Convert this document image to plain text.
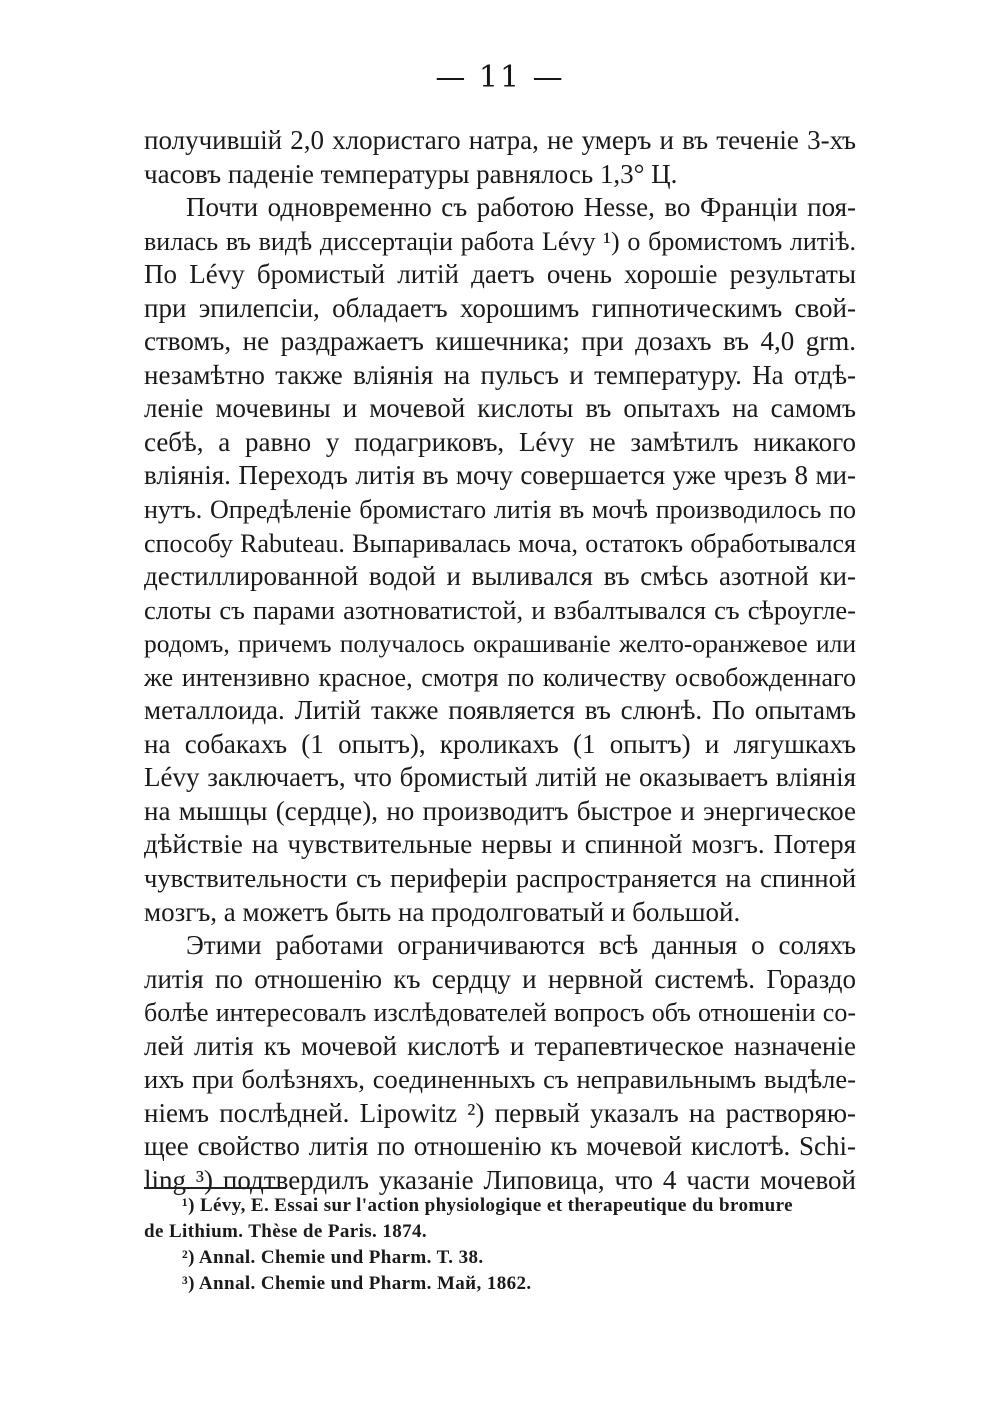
— 11 —
получившій 2,0 хлористаго натра, не умеръ и въ теченіе 3-хъ
часовъ паденіе температуры равнялось 1,3° Ц.
Почти одновременно съ работою Hesse, во Франціи поя-
вилась въ видѣ диссертаціи работа Lévy ¹) о бромистомъ литіѣ.
По Lévy бромистый литій даетъ очень хорошіе результаты
при эпилепсіи, обладаетъ хорошимъ гипнотическимъ свой-
ствомъ, не раздражаетъ кишечника; при дозахъ въ 4,0 grm.
незамѣтно также вліянія на пульсъ и температуру. На отдѣ-
леніе мочевины и мочевой кислоты въ опытахъ на самомъ
себѣ, а равно у подагриковъ, Lévy не замѣтилъ никакого
вліянія. Переходъ литія въ мочу совершается уже чрезъ 8 ми-
нутъ. Опредѣленіе бромистаго литія въ мочѣ производилось по
способу Rabuteau. Выпаривалась моча, остатокъ обработывался
дестиллированной водой и выливался въ смѣсь азотной ки-
слоты съ парами азотноватистой, и взбалтывался съ сѣроугле-
родомъ, причемъ получалось окрашиваніе желто-оранжевое или
же интензивно красное, смотря по количеству освобожденнаго
металлоида. Литій также появляется въ слюнѣ. По опытамъ
на собакахъ (1 опытъ), кроликахъ (1 опытъ) и лягушкахъ
Lévy заключаетъ, что бромистый литій не оказываетъ вліянія
на мышцы (сердце), но производитъ быстрое и энергическое
дѣйствіе на чувствительные нервы и спинной мозгъ. Потеря
чувствительности съ периферіи распространяется на спинной
мозгъ, а можетъ быть на продолговатый и большой.
Этими работами ограничиваются всѣ данныя о соляхъ
литія по отношенію къ сердцу и нервной системѣ. Гораздо
болѣе интересовалъ изслѣдователей вопросъ объ отношеніи со-
лей литія къ мочевой кислотѣ и терапевтическое назначеніе
ихъ при болѣзняхъ, соединенныхъ съ неправильнымъ выдѣле-
ніемъ послѣдней. Lipowitz ²) первый указалъ на растворяю-
щее свойство литія по отношенію къ мочевой кислотѣ. Schi-
ling ³) подтвердилъ указаніе Липовица, что 4 части мочевой
¹) Lévy, E. Essai sur l'action physiologique et therapeutique du bromure
de Lithium. Thèse de Paris. 1874.
²) Annal. Chemie und Pharm. T. 38.
³) Annal. Chemie und Pharm. Maй, 1862.
